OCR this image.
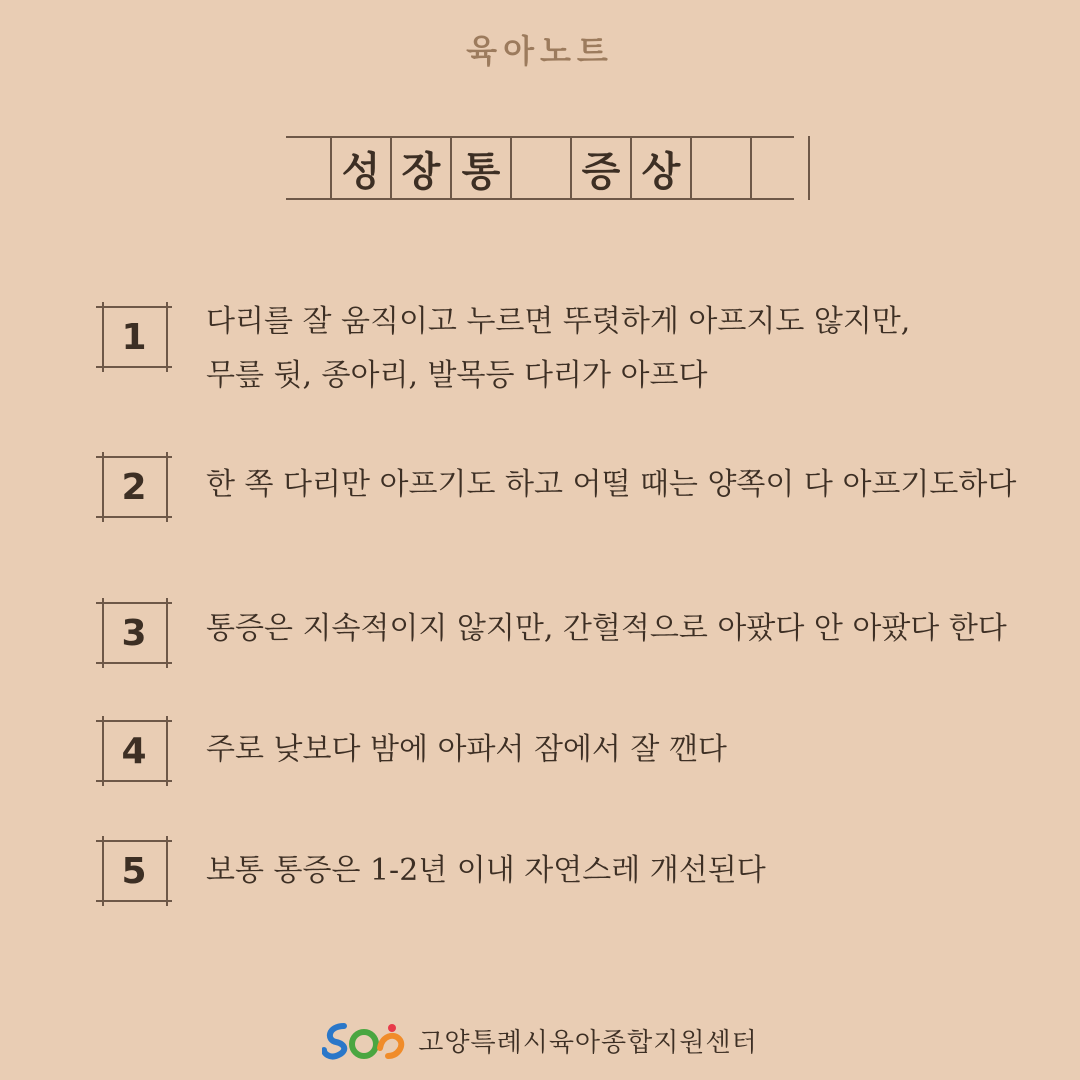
육아노트
성 장 통 증 상
1	다리를 잘 움직이고 누르면 뚜렷하게 아프지도 않지만,
무릎 뒷, 종아리, 발목등 다리가 아프다
2	한 쪽 다리만 아프기도 하고 어떨 때는 양쪽이 다 아프기도하다
3	통증은 지속적이지 않지만, 간헐적으로 아팠다 안 아팠다 한다
4	주로 낮보다 밤에 아파서 잠에서 잘 깬다
5	보통 통증은 1-2년 이내 자연스레 개선된다
고양특례시육아종합지원센터
